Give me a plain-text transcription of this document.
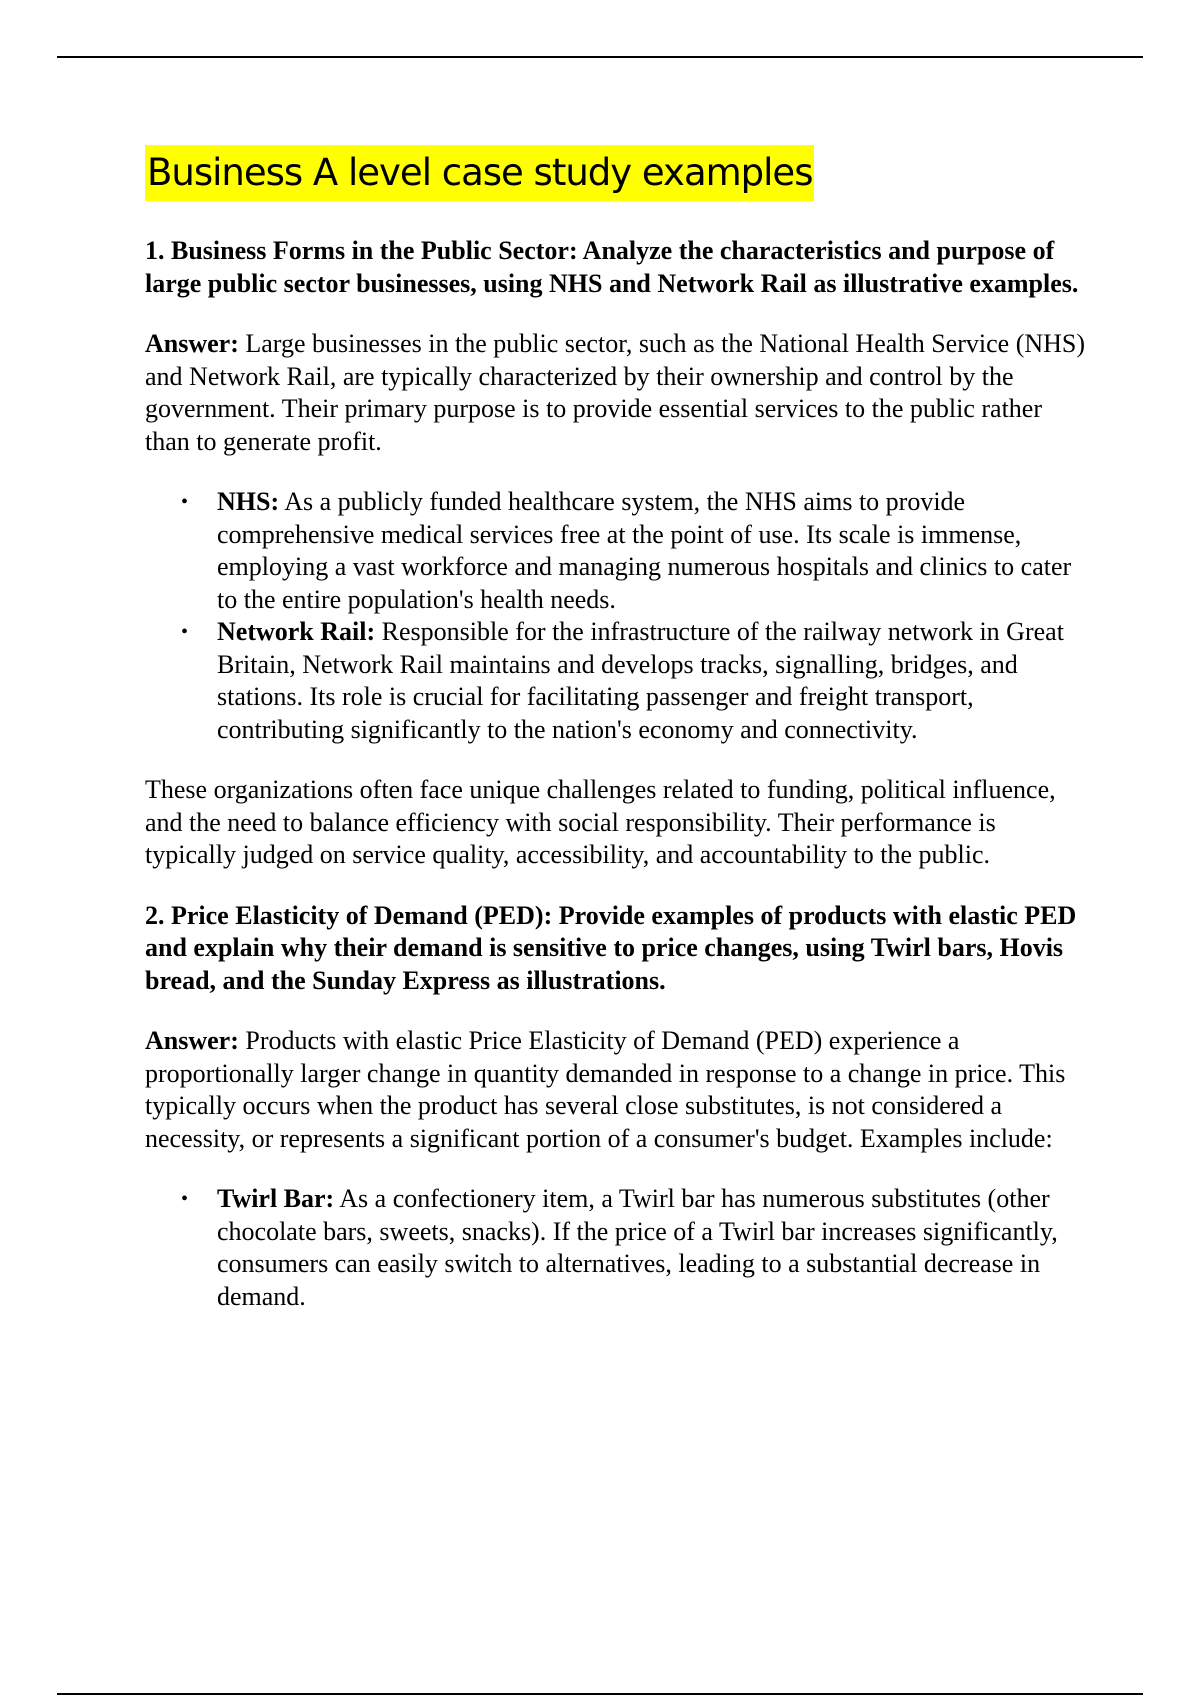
Business A level case study examples
1. Business Forms in the Public Sector: Analyze the characteristics and purpose of large public sector businesses, using NHS and Network Rail as illustrative examples.
Answer: Large businesses in the public sector, such as the National Health Service (NHS) and Network Rail, are typically characterized by their ownership and control by the government. Their primary purpose is to provide essential services to the public rather than to generate profit.
• NHS: As a publicly funded healthcare system, the NHS aims to provide comprehensive medical services free at the point of use. Its scale is immense, employing a vast workforce and managing numerous hospitals and clinics to cater to the entire population's health needs.
• Network Rail: Responsible for the infrastructure of the railway network in Great Britain, Network Rail maintains and develops tracks, signalling, bridges, and stations. Its role is crucial for facilitating passenger and freight transport, contributing significantly to the nation's economy and connectivity.
These organizations often face unique challenges related to funding, political influence, and the need to balance efficiency with social responsibility. Their performance is typically judged on service quality, accessibility, and accountability to the public.
2. Price Elasticity of Demand (PED): Provide examples of products with elastic PED and explain why their demand is sensitive to price changes, using Twirl bars, Hovis bread, and the Sunday Express as illustrations.
Answer: Products with elastic Price Elasticity of Demand (PED) experience a proportionally larger change in quantity demanded in response to a change in price. This typically occurs when the product has several close substitutes, is not considered a necessity, or represents a significant portion of a consumer's budget. Examples include:
• Twirl Bar: As a confectionery item, a Twirl bar has numerous substitutes (other chocolate bars, sweets, snacks). If the price of a Twirl bar increases significantly, consumers can easily switch to alternatives, leading to a substantial decrease in demand.
